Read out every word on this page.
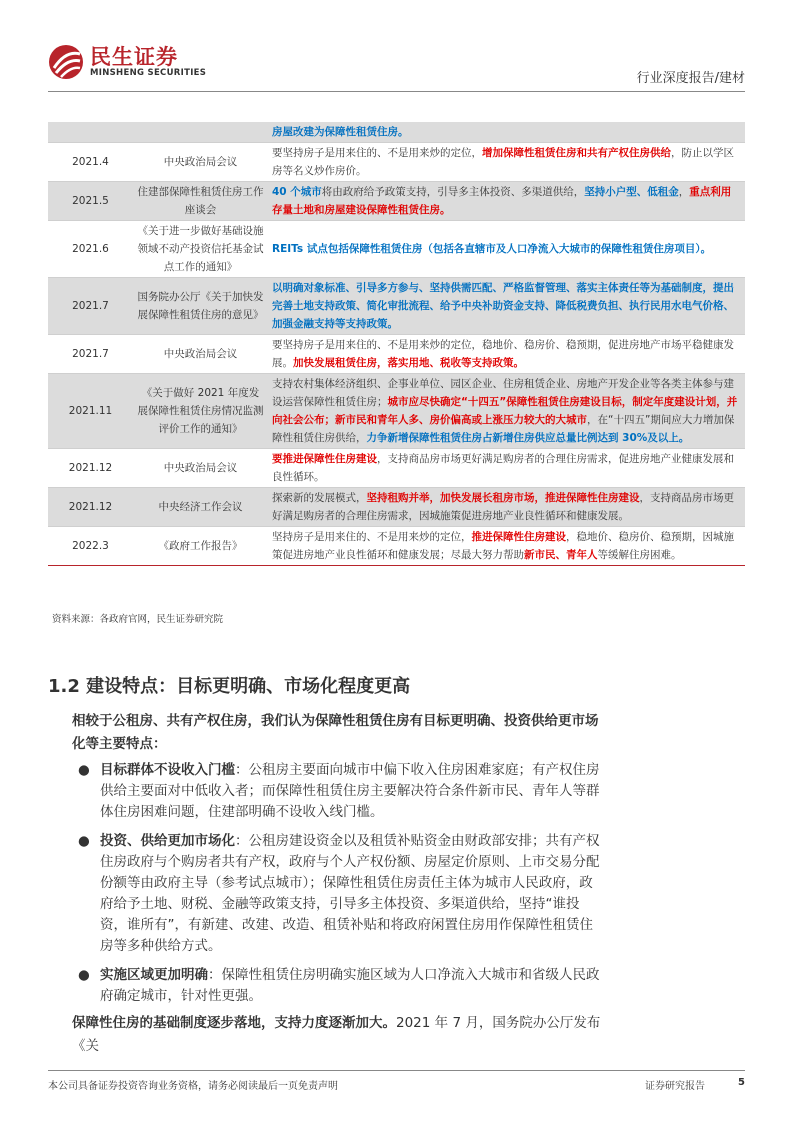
民生证券
MINSHENG SECURITIES	行业深度报告/建材
		房屋改建为保障性租赁住房。
2021.4	中央政治局会议	要坚持房子是用来住的、不是用来炒的定位，增加保障性租赁住房和共有产权住房供给，防止以学区房等名义炒作房价。
2021.5	住建部保障性租赁住房工作座谈会	40 个城市将由政府给予政策支持，引导多主体投资、多渠道供给，坚持小户型、低租金，重点利用存量土地和房屋建设保障性租赁住房。
2021.6	《关于进一步做好基础设施领域不动产投资信托基金试点工作的通知》	REITs 试点包括保障性租赁住房（包括各直辖市及人口净流入大城市的保障性租赁住房项目）。
2021.7	国务院办公厅《关于加快发展保障性租赁住房的意见》	以明确对象标准、引导多方参与、坚持供需匹配、严格监督管理、落实主体责任等为基础制度，提出完善土地支持政策、简化审批流程、给予中央补助资金支持、降低税费负担、执行民用水电气价格、加强金融支持等支持政策。
2021.7	中央政治局会议	要坚持房子是用来住的、不是用来炒的定位，稳地价、稳房价、稳预期，促进房地产市场平稳健康发展。加快发展租赁住房，落实用地、税收等支持政策。
2021.11	《关于做好 2021 年度发展保障性租赁住房情况监测评价工作的通知》	支持农村集体经济组织、企事业单位、园区企业、住房租赁企业、房地产开发企业等各类主体参与建设运营保障性租赁住房；城市应尽快确定“十四五”保障性租赁住房建设目标，制定年度建设计划，并向社会公布；新市民和青年人多、房价偏高或上涨压力较大的大城市，在“十四五”期间应大力增加保障性租赁住房供给，力争新增保障性租赁住房占新增住房供应总量比例达到 30%及以上。
2021.12	中央政治局会议	要推进保障性住房建设，支持商品房市场更好满足购房者的合理住房需求，促进房地产业健康发展和良性循环。
2021.12	中央经济工作会议	探索新的发展模式，坚持租购并举，加快发展长租房市场，推进保障性住房建设，支持商品房市场更好满足购房者的合理住房需求，因城施策促进房地产业良性循环和健康发展。
2022.3	《政府工作报告》	坚持房子是用来住的、不是用来炒的定位，推进保障性住房建设，稳地价、稳房价、稳预期，因城施策促进房地产业良性循环和健康发展；尽最大努力帮助新市民、青年人等缓解住房困难。
资料来源：各政府官网，民生证券研究院
1.2 建设特点：目标更明确、市场化程度更高
相较于公租房、共有产权住房，我们认为保障性租赁住房有目标更明确、投资供给更市场化等主要特点：
● 目标群体不设收入门槛：公租房主要面向城市中偏下收入住房困难家庭；有产权住房供给主要面对中低收入者；而保障性租赁住房主要解决符合条件新市民、青年人等群体住房困难问题，住建部明确不设收入线门槛。
● 投资、供给更加市场化：公租房建设资金以及租赁补贴资金由财政部安排；共有产权住房政府与个购房者共有产权，政府与个人产权份额、房屋定价原则、上市交易分配份额等由政府主导（参考试点城市）；保障性租赁住房责任主体为城市人民政府，政府给予土地、财税、金融等政策支持，引导多主体投资、多渠道供给，坚持“谁投资，谁所有”，有新建、改建、改造、租赁补贴和将政府闲置住房用作保障性租赁住房等多种供给方式。
● 实施区域更加明确：保障性租赁住房明确实施区域为人口净流入大城市和省级人民政府确定城市，针对性更强。
保障性住房的基础制度逐步落地，支持力度逐渐加大。2021 年 7 月，国务院办公厅发布《关
本公司具备证券投资咨询业务资格，请务必阅读最后一页免责声明	证券研究报告	5
